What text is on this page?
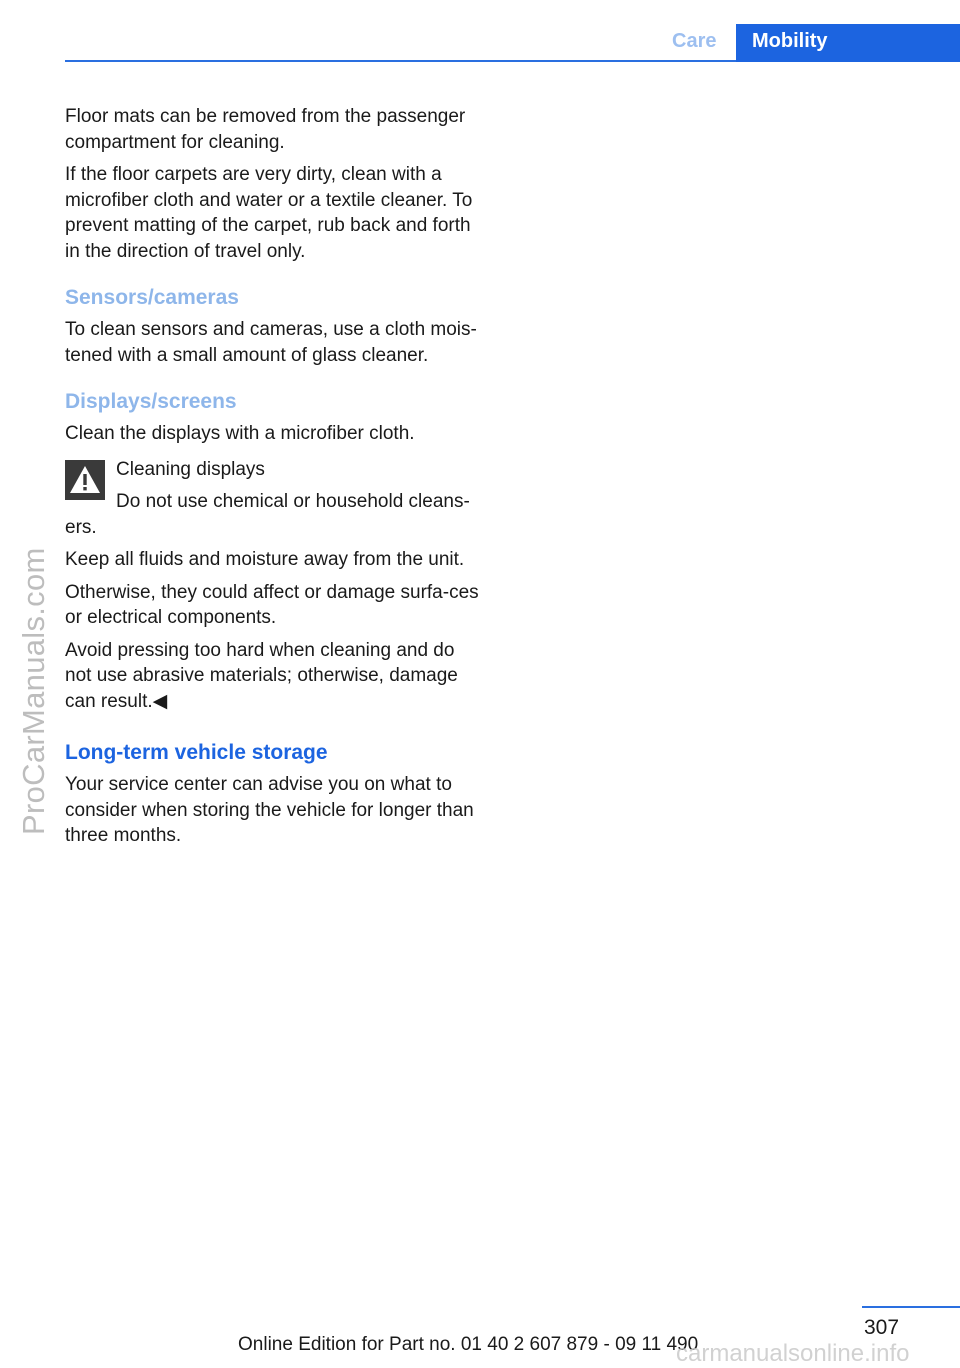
Care	Mobility

Floor mats can be removed from the passenger compartment for cleaning.

If the floor carpets are very dirty, clean with a microfiber cloth and water or a textile cleaner. To prevent matting of the carpet, rub back and forth in the direction of travel only.

Sensors/cameras

To clean sensors and cameras, use a cloth mois‐tened with a small amount of glass cleaner.

Displays/screens

Clean the displays with a microfiber cloth.

Cleaning displays

Do not use chemical or household cleans‐

ers.

Keep all fluids and moisture away from the unit.

Otherwise, they could affect or damage surfa‐ces or electrical components.

Avoid pressing too hard when cleaning and do not use abrasive materials; otherwise, damage can result.◀

Long-term vehicle storage

Your service center can advise you on what to consider when storing the vehicle for longer than three months.

ProCarManuals.com
307
Online Edition for Part no. 01 40 2 607 879 - 09 11 490
carmanualsonline.info
